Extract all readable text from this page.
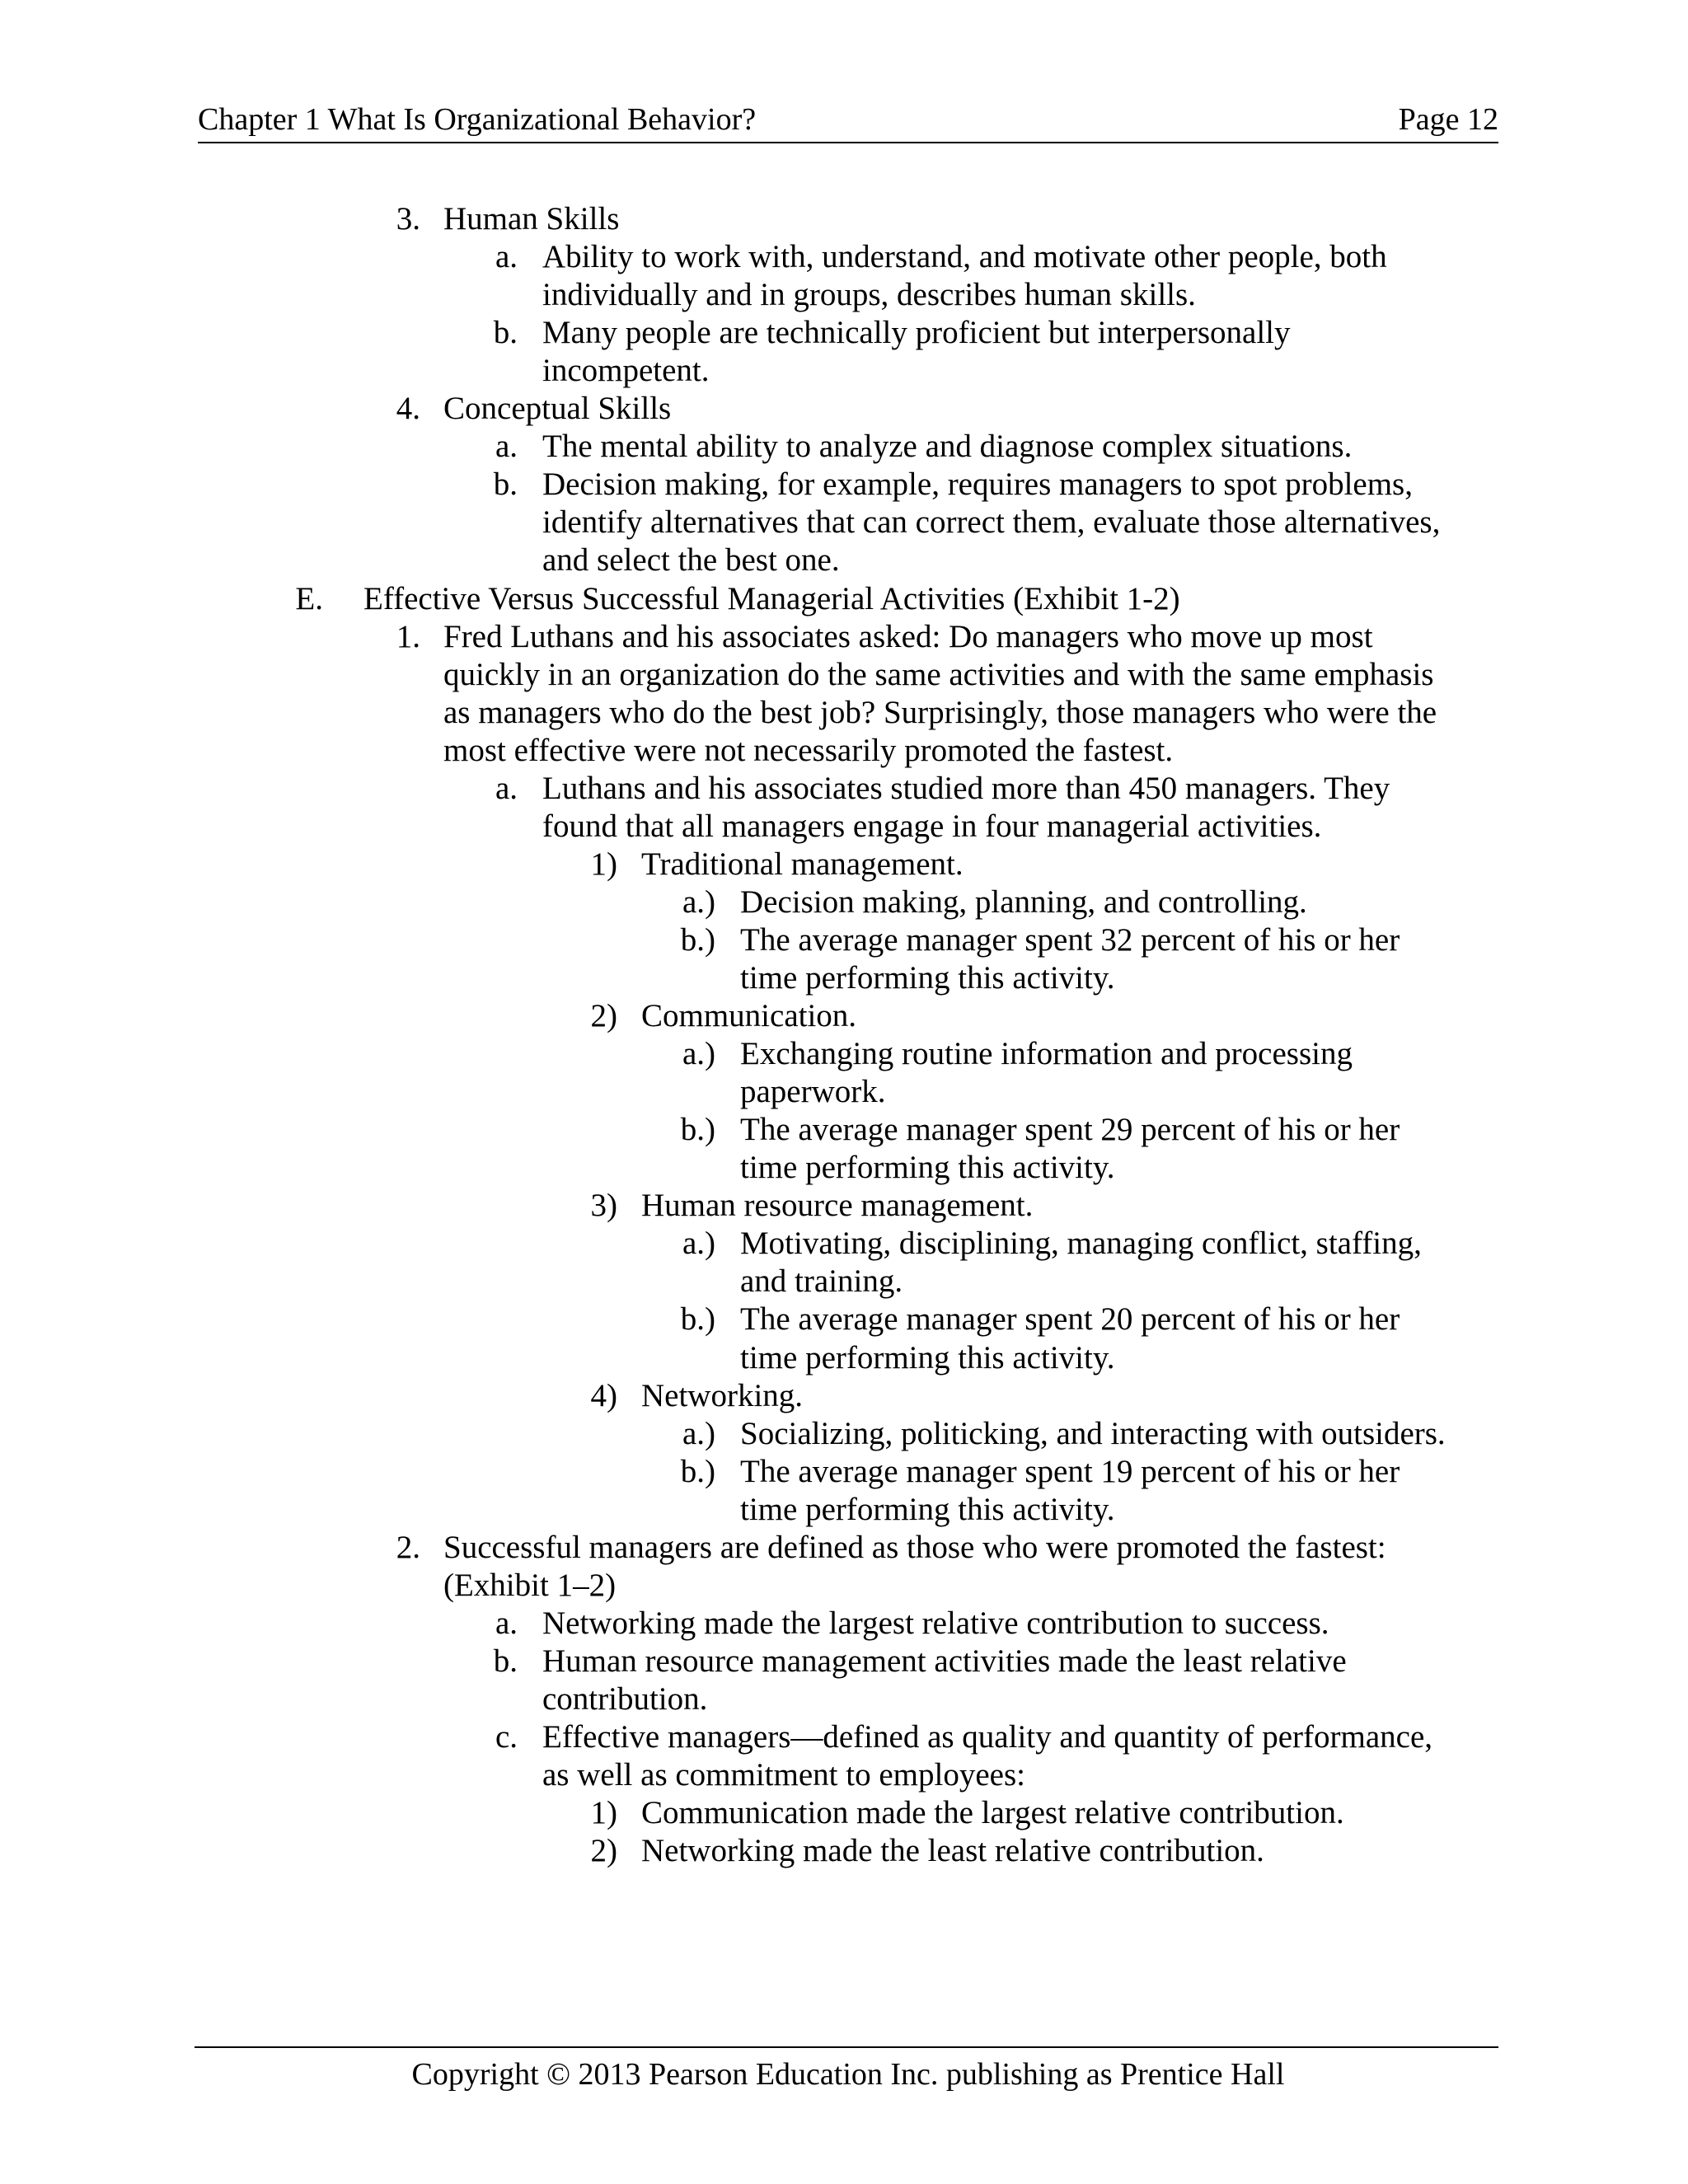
Chapter 1 What Is Organizational Behavior?	Page 12
3. Human Skills
a. Ability to work with, understand, and motivate other people, both
individually and in groups, describes human skills.
b. Many people are technically proficient but interpersonally
incompetent.
4. Conceptual Skills
a. The mental ability to analyze and diagnose complex situations.
b. Decision making, for example, requires managers to spot problems,
identify alternatives that can correct them, evaluate those alternatives,
and select the best one.
E. Effective Versus Successful Managerial Activities (Exhibit 1-2)
1. Fred Luthans and his associates asked: Do managers who move up most
quickly in an organization do the same activities and with the same emphasis
as managers who do the best job? Surprisingly, those managers who were the
most effective were not necessarily promoted the fastest.
a. Luthans and his associates studied more than 450 managers. They
found that all managers engage in four managerial activities.
1) Traditional management.
a.) Decision making, planning, and controlling.
b.) The average manager spent 32 percent of his or her
time performing this activity.
2) Communication.
a.) Exchanging routine information and processing
paperwork.
b.) The average manager spent 29 percent of his or her
time performing this activity.
3) Human resource management.
a.) Motivating, disciplining, managing conflict, staffing,
and training.
b.) The average manager spent 20 percent of his or her
time performing this activity.
4) Networking.
a.) Socializing, politicking, and interacting with outsiders.
b.) The average manager spent 19 percent of his or her
time performing this activity.
2. Successful managers are defined as those who were promoted the fastest:
(Exhibit 1–2)
a. Networking made the largest relative contribution to success.
b. Human resource management activities made the least relative
contribution.
c. Effective managers—defined as quality and quantity of performance,
as well as commitment to employees:
1) Communication made the largest relative contribution.
2) Networking made the least relative contribution.
Copyright © 2013 Pearson Education Inc. publishing as Prentice Hall
